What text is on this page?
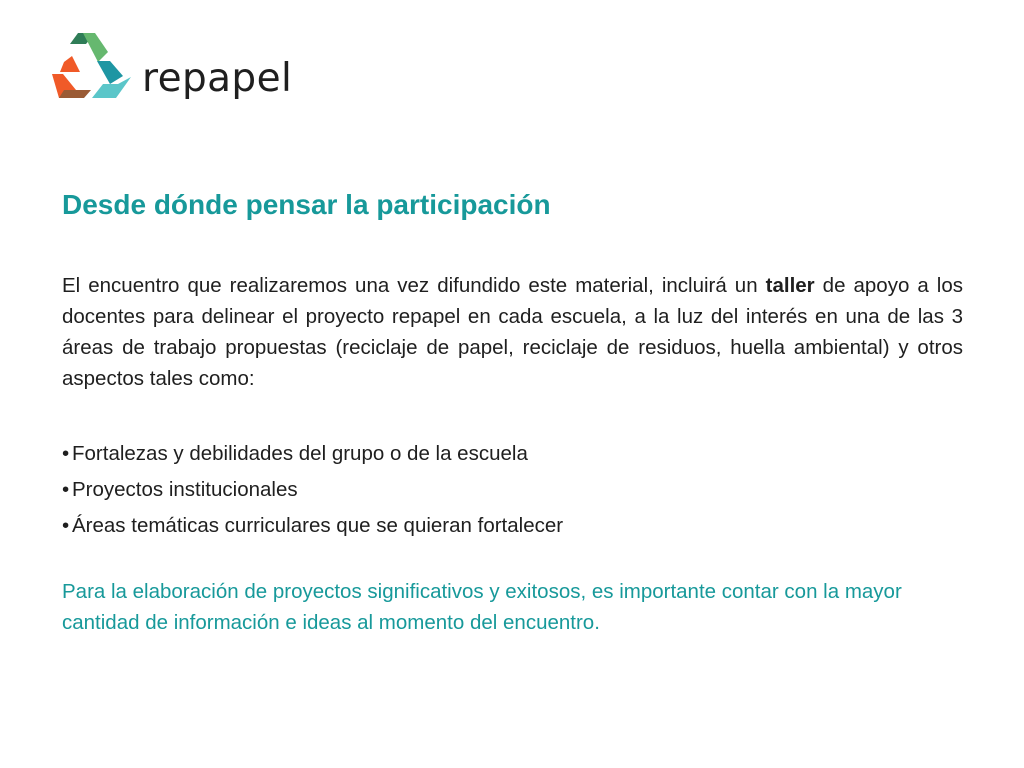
repapel
Desde dónde pensar la participación

El encuentro que realizaremos una vez difundido este material, incluirá un taller de apoyo a los docentes para delinear el proyecto repapel en cada escuela, a la luz del interés en una de las 3 áreas de trabajo propuestas (reciclaje de papel, reciclaje de residuos, huella ambiental) y otros aspectos tales como:

• Fortalezas y debilidades del grupo o de la escuela
• Proyectos institucionales
• Áreas temáticas curriculares que se quieran fortalecer

Para la elaboración de proyectos significativos y exitosos, es importante contar con la mayor cantidad de información e ideas al momento del encuentro.
